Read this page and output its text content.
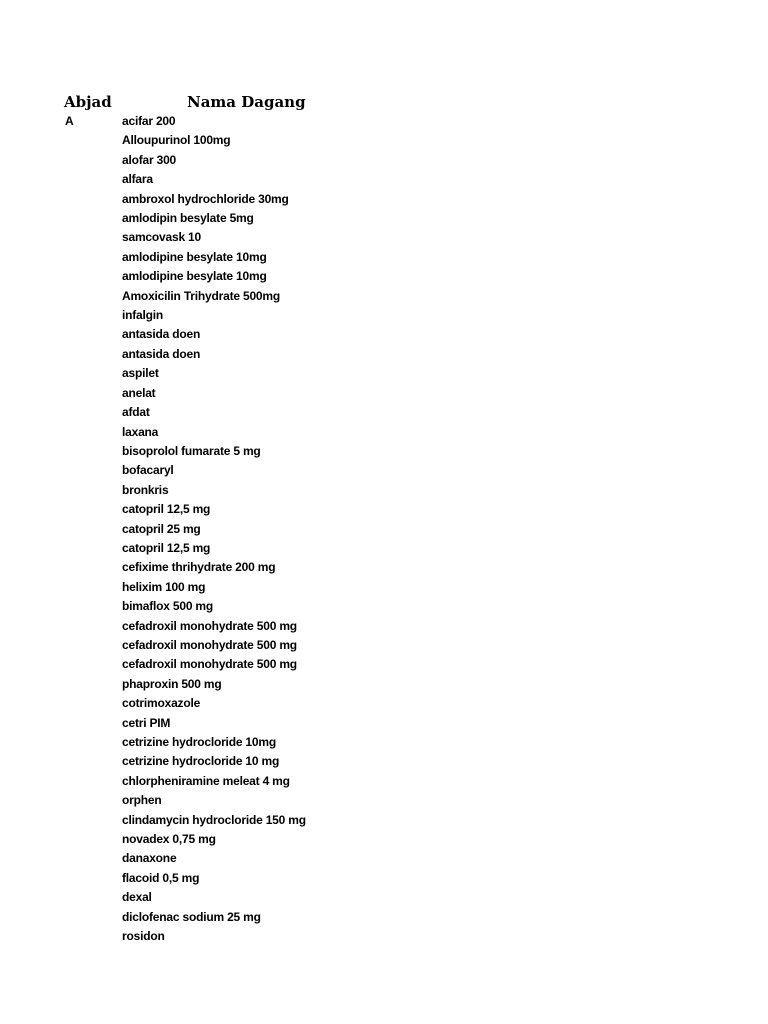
Abjad	Nama Dagang
A	acifar 200
Alloupurinol 100mg
alofar 300
alfara
ambroxol hydrochloride 30mg
amlodipin besylate 5mg
samcovask 10
amlodipine besylate 10mg
amlodipine besylate 10mg
Amoxicilin Trihydrate 500mg
infalgin
antasida doen
antasida doen
aspilet
anelat
afdat
laxana
bisoprolol fumarate 5 mg
bofacaryl
bronkris
catopril 12,5 mg
catopril 25 mg
catopril 12,5 mg
cefixime thrihydrate 200 mg
helixim 100 mg
bimaflox 500 mg
cefadroxil monohydrate 500 mg
cefadroxil monohydrate 500 mg
cefadroxil monohydrate 500 mg
phaproxin 500 mg
cotrimoxazole
cetri PIM
cetrizine hydrocloride 10mg
cetrizine hydrocloride 10 mg
chlorpheniramine meleat 4 mg
orphen
clindamycin hydrocloride 150 mg
novadex 0,75 mg
danaxone
flacoid 0,5 mg
dexal
diclofenac sodium 25 mg
rosidon
